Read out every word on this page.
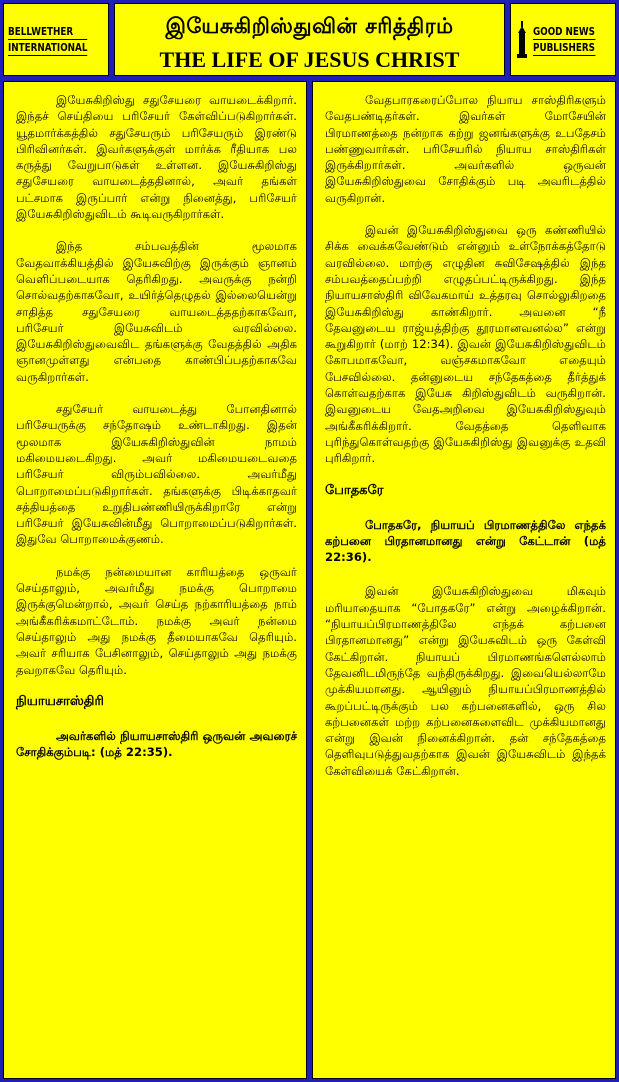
BELLWETHER
INTERNATIONAL
இயேசுகிறிஸ்துவின் சரித்திரம்
THE LIFE OF JESUS CHRIST
GOOD NEWS
PUBLISHERS

இயேசுகிறிஸ்து சதுசேயரை வாயடைக்கிறார். இந்தச் செய்தியை பரிசேயர் கேள்விப்படுகிறார்கள். யூதமார்க்கத்தில் சதுசேயரும் பரிசேயரும் இரண்டு பிரிவினர்கள். இவர்களுக்குள் மார்க்க ரீதியாக பல கருத்து வேறுபாடுகள் உள்ளன. இயேசுகிறிஸ்து சதுசேயரை வாயடைத்ததினால், அவர் தங்கள் பட்சமாக இருப்பார் என்று நினைத்து, பரிசேயர் இயேசுகிறிஸ்துவிடம் கூடிவருகிறார்கள்.

இந்த சம்பவத்தின் மூலமாக வேதவாக்கியத்தில் இயேசுவிற்கு இருக்கும் ஞானம் வெளிப்படையாக தெரிகிறது. அவருக்கு நன்றி சொல்வதற்காகவோ, உயிர்த்தெழுதல் இல்லையென்று சாதித்த சதுசேயரை வாயடைத்ததற்காகவோ, பரிசேயர் இயேசுவிடம் வரவில்லை. இயேசுகிறிஸ்துவைவிட தங்களுக்கு வேதத்தில் அதிக ஞானமுள்ளது என்பதை காண்பிப்பதற்காகவே வருகிறார்கள்.

சதுசேயர் வாயடைத்து போனதினால் பரிசேயருக்கு சந்தோஷம் உண்டாகிறது. இதன் மூலமாக இயேசுகிறிஸ்துவின் நாமம் மகிமையடைகிறது. அவர் மகிமையடைவதை பரிசேயர் விரும்பவில்லை. அவர்மீது பொறாமைப்படுகிறார்கள். தங்களுக்கு பிடிக்காதவர் சத்தியத்தை உறுதிபண்ணியிருக்கிறாரே என்று பரிசேயர் இயேசுவின்மீது பொறாமைப்படுகிறார்கள். இதுவே பொறாமைக்குணம்.

நமக்கு நன்மையான காரியத்தை ஒருவர் செய்தாலும், அவர்மீது நமக்கு பொறாமை இருக்குமென்றால், அவர் செய்த நற்காரியத்தை நாம் அங்கீகரிக்கமாட்டோம். நமக்கு அவர் நன்மை செய்தாலும் அது நமக்கு தீமையாகவே தெரியும். அவர் சரியாக பேசினாலும், செய்தாலும் அது நமக்கு தவறாகவே தெரியும்.

நியாயசாஸ்திரி

அவர்களில் நியாயசாஸ்திரி ஒருவன் அவரைச் சோதிக்கும்படி: (மத் 22:35).

வேதபாரகரைப்போல நியாய சாஸ்திரிகளும் வேதபண்டிதர்கள். இவர்கள் மோசேயின் பிரமாணத்தை நன்றாக கற்று ஜனங்களுக்கு உபதேசம் பண்ணுவார்கள். பரிசேயரில் நியாய சாஸ்திரிகள் இருக்கிறார்கள். அவர்களில் ஒருவன் இயேசுகிறிஸ்துவை சோதிக்கும் படி அவரிடத்தில் வருகிறான்.

இவன் இயேசுகிறிஸ்துவை ஒரு கண்ணியில் சிக்க வைக்கவேண்டும் என்னும் உள்நோக்கத்தோடு வரவில்லை. மாற்கு எழுதின சுவிசேஷத்தில் இந்த சம்பவத்தைப்பற்றி எழுதப்பட்டிருக்கிறது. இந்த நியாயசாஸ்திரி விவேகமாய் உத்தரவு சொல்லுகிறதை இயேசுகிறிஸ்து காண்கிறார். அவனை “நீ தேவனுடைய ராஜ்யத்திற்கு தூரமானவனல்ல” என்று கூறுகிறார் (மாற் 12:34). இவன் இயேசுகிறிஸ்துவிடம் கோபமாகவோ, வஞ்சகமாகவோ எதையும் பேசவில்லை. தன்னுடைய சந்தேகத்தை தீர்த்துக் கொள்வதற்காக இயேசு கிறிஸ்துவிடம் வருகிறான். இவனுடைய வேதஅறிவை இயேசுகிறிஸ்துவும் அங்கீகரிக்கிறார். வேதத்தை தெளிவாக புரிந்துகொள்வதற்கு இயேசுகிறிஸ்து இவனுக்கு உதவி புரிகிறார்.

போதகரே

போதகரே, நியாயப் பிரமாணத்திலே எந்தக் கற்பனை பிரதானமானது என்று கேட்டான் (மத் 22:36).

இவன் இயேசுகிறிஸ்துவை மிகவும் மரியாதையாக “போதகரே” என்று அழைக்கிறான். “நியாயப்பிரமாணத்திலே எந்தக் கற்பனை பிரதானமானது” என்று இயேசுவிடம் ஒரு கேள்வி கேட்கிறான். நியாயப் பிரமாணங்களெல்லாம் தேவனிடமிருந்தே வந்திருக்கிறது. இவையெல்லாமே முக்கியமானது. ஆயினும் நியாயப்பிரமாணத்தில் கூறப்பட்டிருக்கும் பல கற்பனைகளில், ஒரு சில கற்பனைகள் மற்ற கற்பனைகளைவிட முக்கியமானது என்று இவன் நினைக்கிறான். தன் சந்தேகத்தை தெளிவுபடுத்துவதற்காக இவன் இயேசுவிடம் இந்தக் கேள்வியைக் கேட்கிறான்.
